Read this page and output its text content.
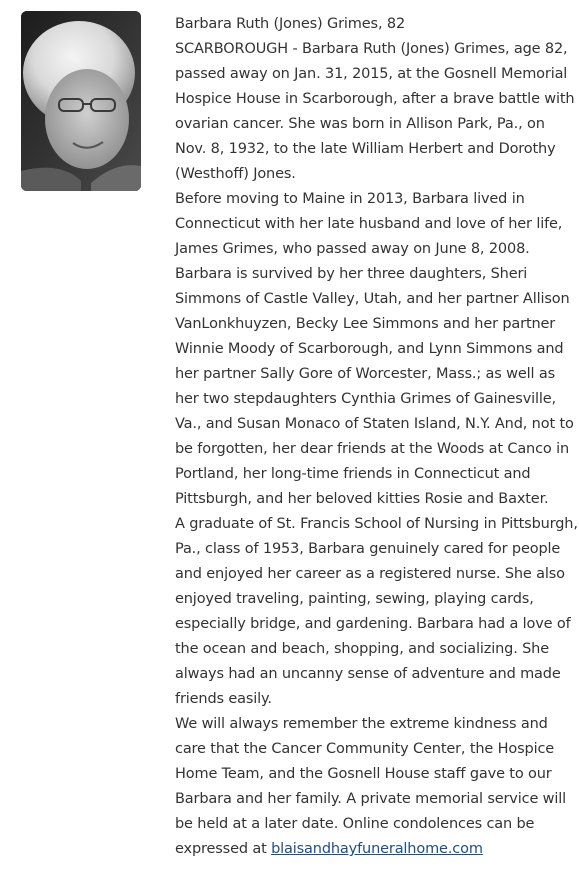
Barbara Ruth (Jones) Grimes, 82
SCARBOROUGH - Barbara Ruth (Jones) Grimes, age 82,
passed away on Jan. 31, 2015, at the Gosnell Memorial
Hospice House in Scarborough, after a brave battle with
ovarian cancer. She was born in Allison Park, Pa., on
Nov. 8, 1932, to the late William Herbert and Dorothy
(Westhoff) Jones.
Before moving to Maine in 2013, Barbara lived in
Connecticut with her late husband and love of her life,
James Grimes, who passed away on June 8, 2008.
Barbara is survived by her three daughters, Sheri
Simmons of Castle Valley, Utah, and her partner Allison
VanLonkhuyzen, Becky Lee Simmons and her partner
Winnie Moody of Scarborough, and Lynn Simmons and
her partner Sally Gore of Worcester, Mass.; as well as
her two stepdaughters Cynthia Grimes of Gainesville,
Va., and Susan Monaco of Staten Island, N.Y. And, not to
be forgotten, her dear friends at the Woods at Canco in
Portland, her long-time friends in Connecticut and
Pittsburgh, and her beloved kitties Rosie and Baxter.
A graduate of St. Francis School of Nursing in Pittsburgh,
Pa., class of 1953, Barbara genuinely cared for people
and enjoyed her career as a registered nurse. She also
enjoyed traveling, painting, sewing, playing cards,
especially bridge, and gardening. Barbara had a love of
the ocean and beach, shopping, and socializing. She
always had an uncanny sense of adventure and made
friends easily.
We will always remember the extreme kindness and
care that the Cancer Community Center, the Hospice
Home Team, and the Gosnell House staff gave to our
Barbara and her family. A private memorial service will
be held at a later date. Online condolences can be
expressed at blaisandhayfuneralhome.com
